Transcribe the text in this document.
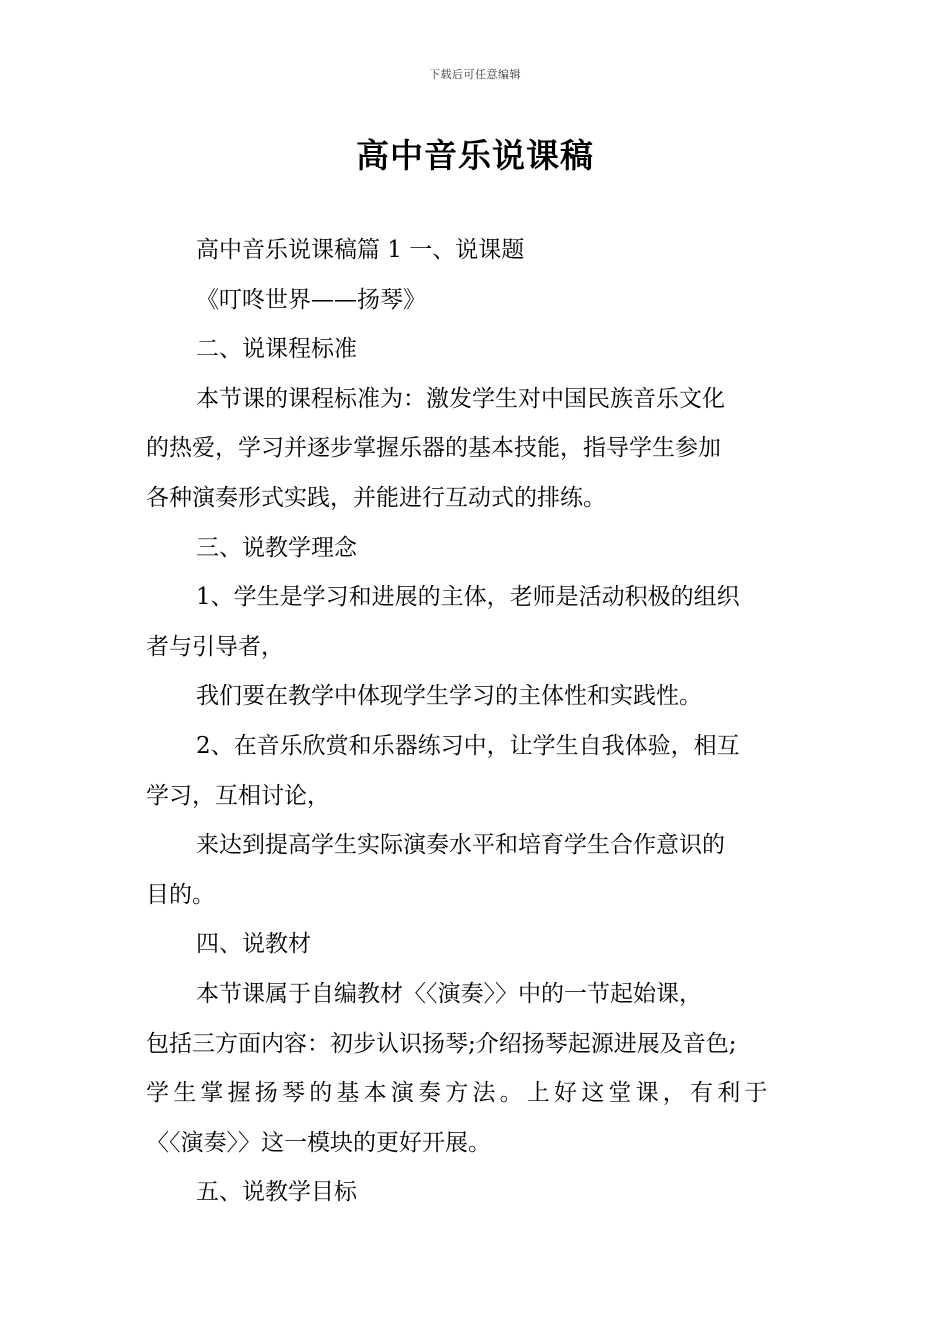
下载后可任意编辑
高中音乐说课稿

高中音乐说课稿篇 1 一、说课题

《叮咚世界——扬琴》

二、说课程标准

本节课的课程标准为：激发学生对中国民族音乐文化

的热爱，学习并逐步掌握乐器的基本技能，指导学生参加

各种演奏形式实践，并能进行互动式的排练。

三、说教学理念

1、学生是学习和进展的主体，老师是活动积极的组织

者与引导者，

我们要在教学中体现学生学习的主体性和实践性。

2、在音乐欣赏和乐器练习中，让学生自我体验，相互

学习，互相讨论，

来达到提高学生实际演奏水平和培育学生合作意识的

目的。

四、说教材

本节课属于自编教材〈〈演奏〉〉中的一节起始课，

包括三方面内容：初步认识扬琴;介绍扬琴起源进展及音色;

学生掌握扬琴的基本演奏方法。上好这堂课，有利于

〈〈演奏〉〉这一模块的更好开展。

五、说教学目标
